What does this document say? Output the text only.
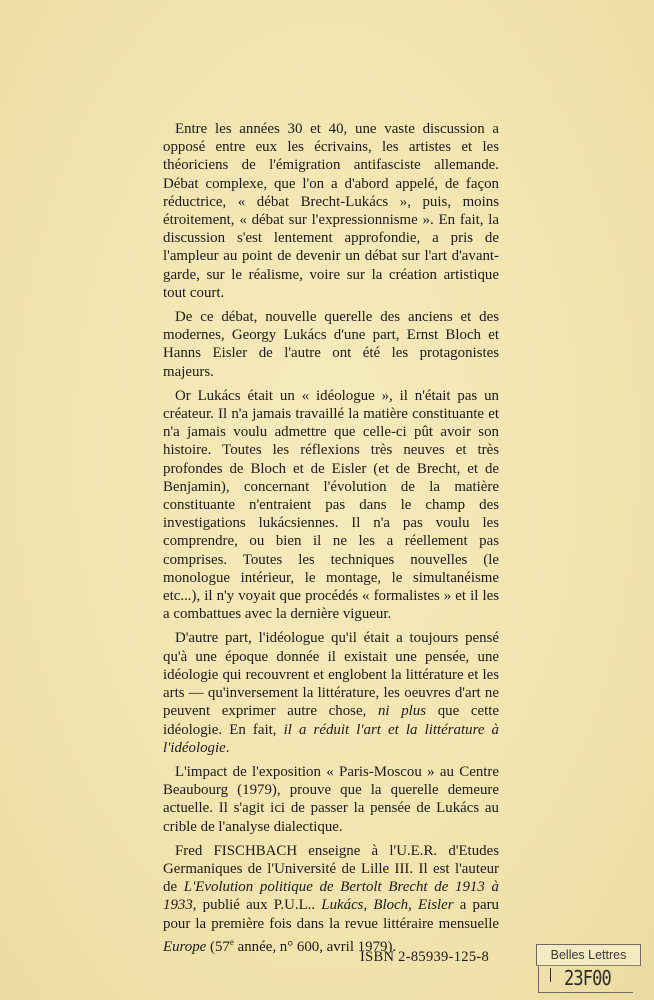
Entre les années 30 et 40, une vaste discussion a opposé entre eux les écrivains, les artistes et les théoriciens de l'émigration antifasciste allemande. Débat complexe, que l'on a d'abord appelé, de façon réductrice, « débat Brecht-Lukács », puis, moins étroitement, « débat sur l'expressionnisme ». En fait, la discussion s'est lentement approfondie, a pris de l'ampleur au point de devenir un débat sur l'art d'avant-garde, sur le réalisme, voire sur la création artistique tout court.

De ce débat, nouvelle querelle des anciens et des modernes, Georgy Lukács d'une part, Ernst Bloch et Hanns Eisler de l'autre ont été les protagonistes majeurs.

Or Lukács était un « idéologue », il n'était pas un créateur. Il n'a jamais travaillé la matière constituante et n'a jamais voulu admettre que celle-ci pût avoir son histoire. Toutes les réflexions très neuves et très profondes de Bloch et de Eisler (et de Brecht, et de Benjamin), concernant l'évolution de la matière constituante n'entraient pas dans le champ des investigations lukácsiennes. Il n'a pas voulu les comprendre, ou bien il ne les a réellement pas comprises. Toutes les techniques nouvelles (le monologue intérieur, le montage, le simultanéisme etc...), il n'y voyait que procédés « formalistes » et il les a combattues avec la dernière vigueur.

D'autre part, l'idéologue qu'il était a toujours pensé qu'à une époque donnée il existait une pensée, une idéologie qui recouvrent et englobent la littérature et les arts — qu'inversement la littérature, les oeuvres d'art ne peuvent exprimer autre chose, ni plus que cette idéologie. En fait, il a réduit l'art et la littérature à l'idéologie.

L'impact de l'exposition « Paris-Moscou » au Centre Beaubourg (1979), prouve que la querelle demeure actuelle. Il s'agit ici de passer la pensée de Lukács au crible de l'analyse dialectique.

Fred FISCHBACH enseigne à l'U.E.R. d'Etudes Germaniques de l'Université de Lille III. Il est l'auteur de L'Evolution politique de Bertolt Brecht de 1913 à 1933, publié aux P.U.L.. Lukács, Bloch, Eisler a paru pour la première fois dans la revue littéraire mensuelle Europe (57e année, n° 600, avril 1979).

ISBN 2-85939-125-8	Belles Lettres
23F00
